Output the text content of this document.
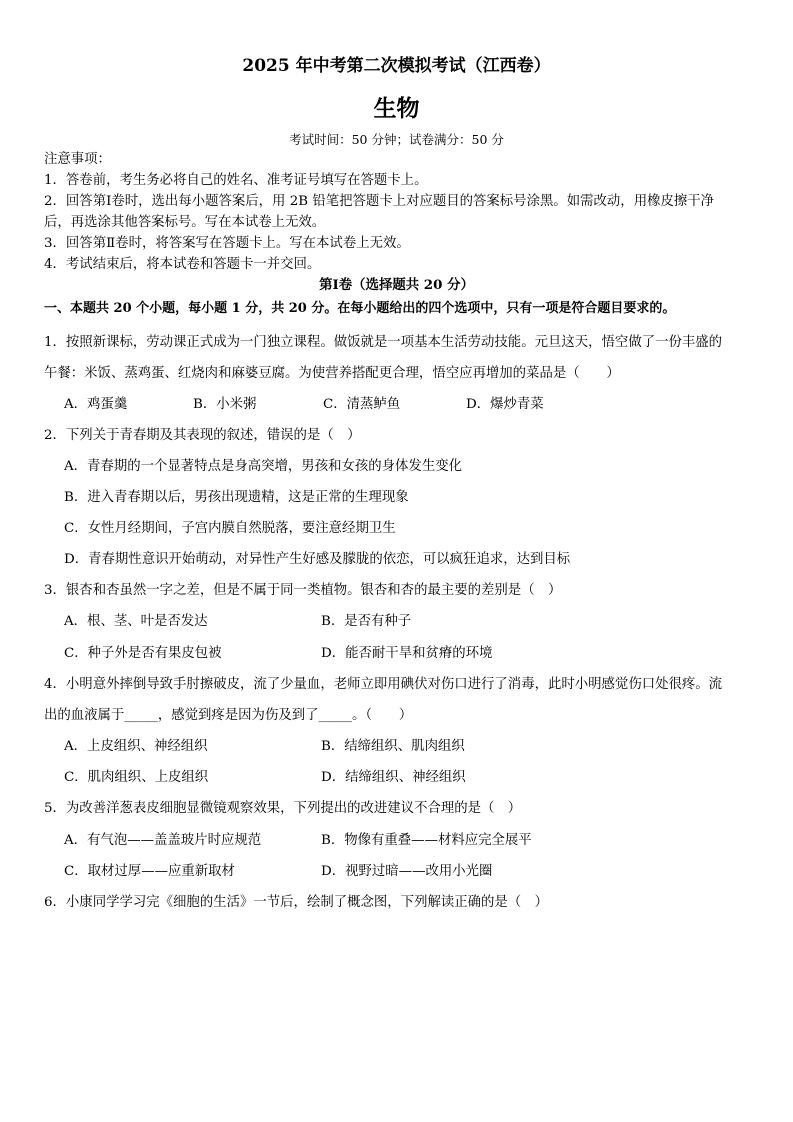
2025 年中考第二次模拟考试（江西卷）
生物
考试时间：50 分钟；试卷满分：50 分
注意事项：
1．答卷前，考生务必将自己的姓名、准考证号填写在答题卡上。
2．回答第Ⅰ卷时，选出每小题答案后，用 2B 铅笔把答题卡上对应题目的答案标号涂黑。如需改动，用橡皮擦干净
后，再选涂其他答案标号。写在本试卷上无效。
3．回答第Ⅱ卷时，将答案写在答题卡上。写在本试卷上无效。
4．考试结束后，将本试卷和答题卡一并交回。
第Ⅰ卷（选择题共 20 分）
一、本题共 20 个小题，每小题 1 分，共 20 分。在每小题给出的四个选项中，只有一项是符合题目要求的。
1．按照新课标，劳动课正式成为一门独立课程。做饭就是一项基本生活劳动技能。元旦这天，悟空做了一份丰盛的
午餐：米饭、蒸鸡蛋、红烧肉和麻婆豆腐。为使营养搭配更合理，悟空应再增加的菜品是（　　）
A．鸡蛋羹	B．小米粥	C．清蒸鲈鱼	D．爆炒青菜
2．下列关于青春期及其表现的叙述，错误的是（　）
A．青春期的一个显著特点是身高突增，男孩和女孩的身体发生变化
B．进入青春期以后，男孩出现遗精，这是正常的生理现象
C．女性月经期间，子宫内膜自然脱落，要注意经期卫生
D．青春期性意识开始萌动，对异性产生好感及朦胧的依恋，可以疯狂追求，达到目标
3．银杏和杏虽然一字之差，但是不属于同一类植物。银杏和杏的最主要的差别是（　）
A．根、茎、叶是否发达	B．是否有种子
C．种子外是否有果皮包被	D．能否耐干旱和贫瘠的环境
4．小明意外摔倒导致手肘擦破皮，流了少量血，老师立即用碘伏对伤口进行了消毒，此时小明感觉伤口处很疼。流
出的血液属于_____，感觉到疼是因为伤及到了_____。（　　）
A．上皮组织、神经组织	B．结缔组织、肌肉组织
C．肌肉组织、上皮组织	D．结缔组织、神经组织
5．为改善洋葱表皮细胞显微镜观察效果，下列提出的改进建议不合理的是（　）
A．有气泡——盖盖玻片时应规范	B．物像有重叠——材料应完全展平
C．取材过厚——应重新取材	D．视野过暗——改用小光圈
6．小康同学学习完《细胞的生活》一节后，绘制了概念图，下列解读正确的是（　）
